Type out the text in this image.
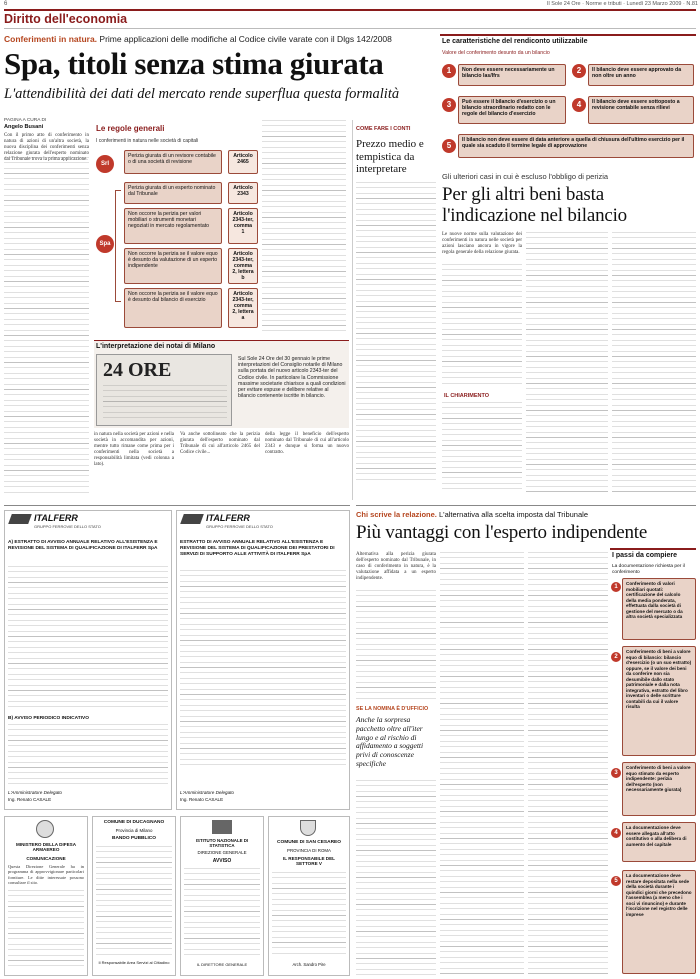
6	Il Sole 24 Ore · Norme e tributi · Lunedì 23 Marzo 2009 · N.81
Diritto dell'economia
Conferimenti in natura. Prime applicazioni delle modifiche al Codice civile varate con il Dlgs 142/2008
Spa, titoli senza stima giurata
L'attendibilità dei dati del mercato rende superflua questa formalità
PAGINA A CURA DI
Angelo Busani
Con il primo atto di conferimento in natura di azioni di un'altra società, la nuova disciplina dei conferimenti senza relazione giurata dell'esperto nominato dal Tribunale trova la prima applicazione.
Le regole generali
I conferimenti in natura nelle società di capitali
Srl
Perizia giurata di un revisore contabile o di una società di revisione
Articolo 2465
Spa
Perizia giurata di un esperto nominato dal Tribunale
Articolo 2343
Non occorre la perizia per valori mobiliari o strumenti monetari negoziati in mercato regolamentato
Articolo 2343-ter, comma 1
Non occorre la perizia se il valore equo è desunto da valutazione di un esperto indipendente
Articolo 2343-ter, comma 2, lettera b
Non occorre la perizia se il valore equo è desunto dal bilancio di esercizio
Articolo 2343-ter, comma 2, lettera a
L'interpretazione dei notai di Milano
24 ORE	Sul Sole 24 Ore del 30 gennaio le prime interpretazioni del Consiglio notarile di Milano sulla portata del nuovo articolo 2343-ter del Codice civile. In particolare la Commissione massime societarie chiarisce a quali condizioni per evitare espuse e delibere relative al bilancio contenente iscritte in bilancio.
in natura nella società per azioni e nella società in accomandita per azioni, mentre tutto rimane come prima per i conferimenti nella società a responsabilità limitata (vedi colonna a lato).
Va anche sottolineato che la perizia giurata dell'esperto nominato dal Tribunale di cui all'articolo 2465 del Codice civile...
della legge il beneficio dell'esperto nominato dal Tribunale di cui all'articolo 2343 e dunque si forma un nuovo contratto.
COME FARE I CONTI
Prezzo medio e tempistica da interpretare
IL CHIARIMENTO
Le caratteristiche del rendiconto utilizzabile
Valore del conferimento desunto da un bilancio
1	Non deve essere necessariamente un bilancio Ias/Ifrs
2	Il bilancio deve essere approvato da non oltre un anno
3	Può essere il bilancio d'esercizio o un bilancio straordinario redatto con le regole del bilancio d'esercizio
4	Il bilancio deve essere sottoposto a revisione contabile senza rilievi
5
Il bilancio non deve essere di data anteriore a quella di chiusura dell'ultimo esercizio per il quale sia scaduto il termine legale di approvazione
Gli ulteriori casi in cui è escluso l'obbligo di perizia
Per gli altri beni basta l'indicazione nel bilancio
Le nuove norme sulla valutazione dei conferimenti in natura nelle società per azioni lasciano ancora in vigore la regola generale della relazione giurata.
ITALFERR
GRUPPO FERROVIE DELLO STATO
A) ESTRATTO DI AVVISO ANNUALE RELATIVO ALL'ESISTENZA E REVISIONE DEL SISTEMA DI QUALIFICAZIONE DI ITALFERR SpA
B) AVVISO PERIODICO INDICATIVO
L'Amministratore Delegato
Ing. Renato CASALE
ITALFERR
GRUPPO FERROVIE DELLO STATO
ESTRATTO DI AVVISO ANNUALE RELATIVO ALL'ESISTENZA E REVISIONE DEL SISTEMA DI QUALIFICAZIONE DEI PRESTATORI DI SERVIZI DI SUPPORTO ALLE ATTIVITÀ DI ITALFERR SpA
L'Amministratore Delegato
Ing. Renato CASALE
MINISTERO DELLA DIFESA ARMAEREO
COMUNICAZIONE
Questa Direzione Generale ha in programma di approvvigionare particolari forniture. Le ditte interessate possono consultare il sito.
COMUNE DI DUCAGNANO
Provincia di Milano
BANDO PUBBLICO
Il Responsabile Area Servizi al Cittadino
ISTITUTO NAZIONALE DI STATISTICA
DIREZIONE GENERALE
AVVISO
IL DIRETTORE GENERALE
COMUNE DI SAN CESAREO
PROVINCIA DI ROMA
IL RESPONSABILE DEL SETTORE V
Arch. Sandro Pire
Chi scrive la relazione. L'alternativa alla scelta imposta dal Tribunale
Più vantaggi con l'esperto indipendente
Alternativa alla perizia giurata dell'esperto nominato dal Tribunale, in caso di conferimento in natura, è la valutazione affidata a un esperto indipendente.
SE LA NOMINA È D'UFFICIO
Anche la sorpresa pacchetto oltre all'iter lungo e al rischio di affidamento a soggetti privi di conoscenze specifiche
I passi da compiere
La documentazione richiesta per il conferimento
1
Conferimento di valori mobiliari quotati: certificazione del calcolo della media ponderata, effettuata dalla società di gestione del mercato o da altra società specializzata
2
Conferimento di beni a valore equo di bilancio: bilancio d'esercizio (o un suo estratto) oppure, se il valore dei beni da conferire non sia desumibile dallo stato patrimoniale e dalla nota integrativa, estratto del libro inventari o delle scritture contabili da cui il valore risulta
3
Conferimento di beni a valore equo stimato da esperto indipendente: perizia dell'esperto (non necessariamente giurata)
4
La documentazione deve essere allegata all'atto costitutivo o alla delibera di aumento del capitale
5
La documentazione deve restare depositata nella sede della società durante i quindici giorni che precedono l'assemblea (a meno che i soci vi rinuncino) e durante l'iscrizione nel registro delle imprese
